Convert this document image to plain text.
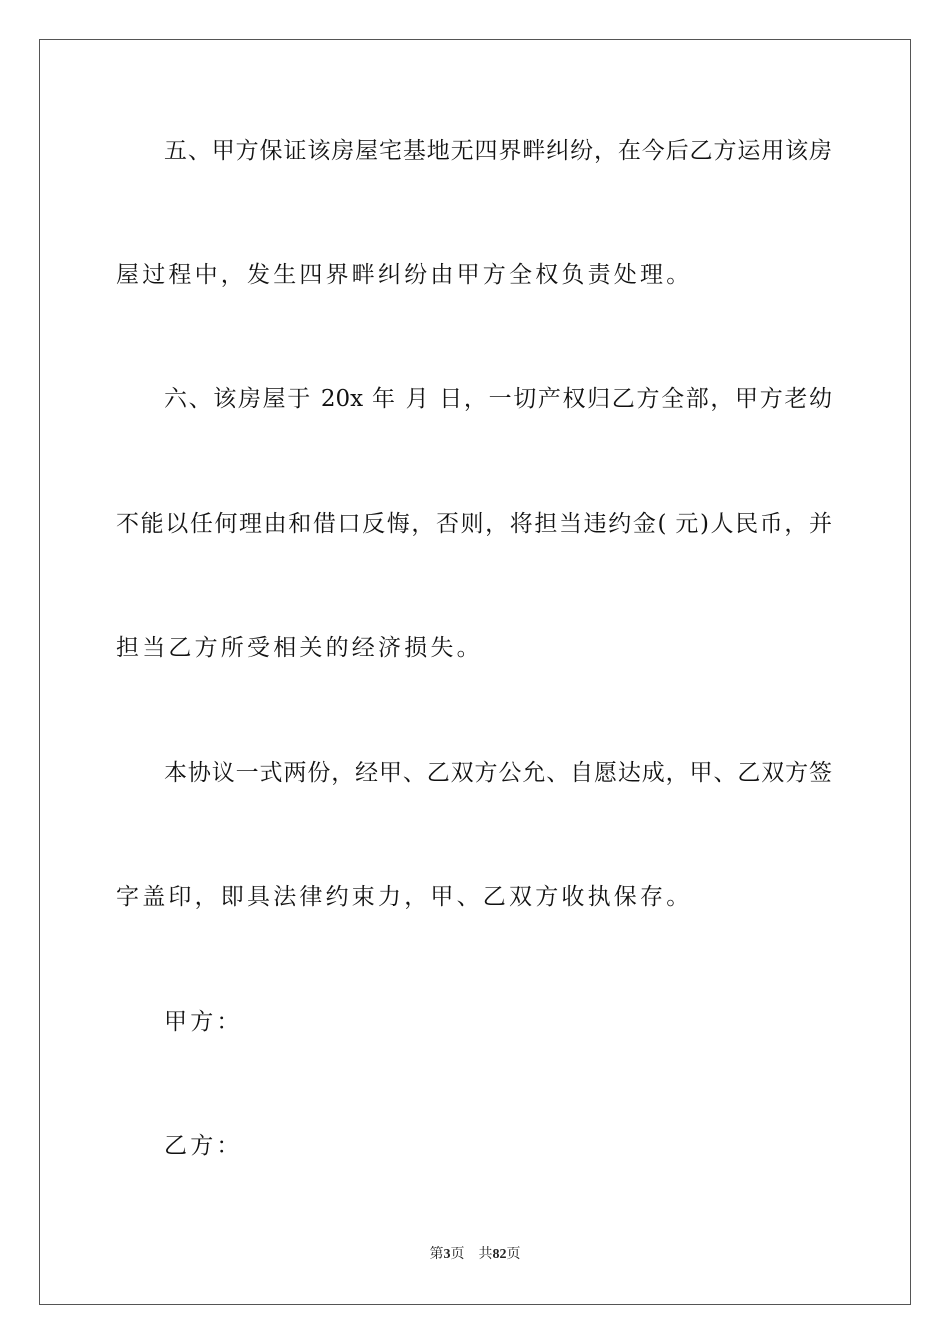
五、甲方保证该房屋宅基地无四界畔纠纷，在今后乙方运用该房
屋过程中，发生四界畔纠纷由甲方全权负责处理。
六、该房屋于 20x 年 月 日，一切产权归乙方全部，甲方老幼
不能以任何理由和借口反悔，否则，将担当违约金( 元)人民币，并
担当乙方所受相关的经济损失。
本协议一式两份，经甲、乙双方公允、自愿达成，甲、乙双方签
字盖印，即具法律约束力，甲、乙双方收执保存。
甲方：
乙方：
第3页 共82页
